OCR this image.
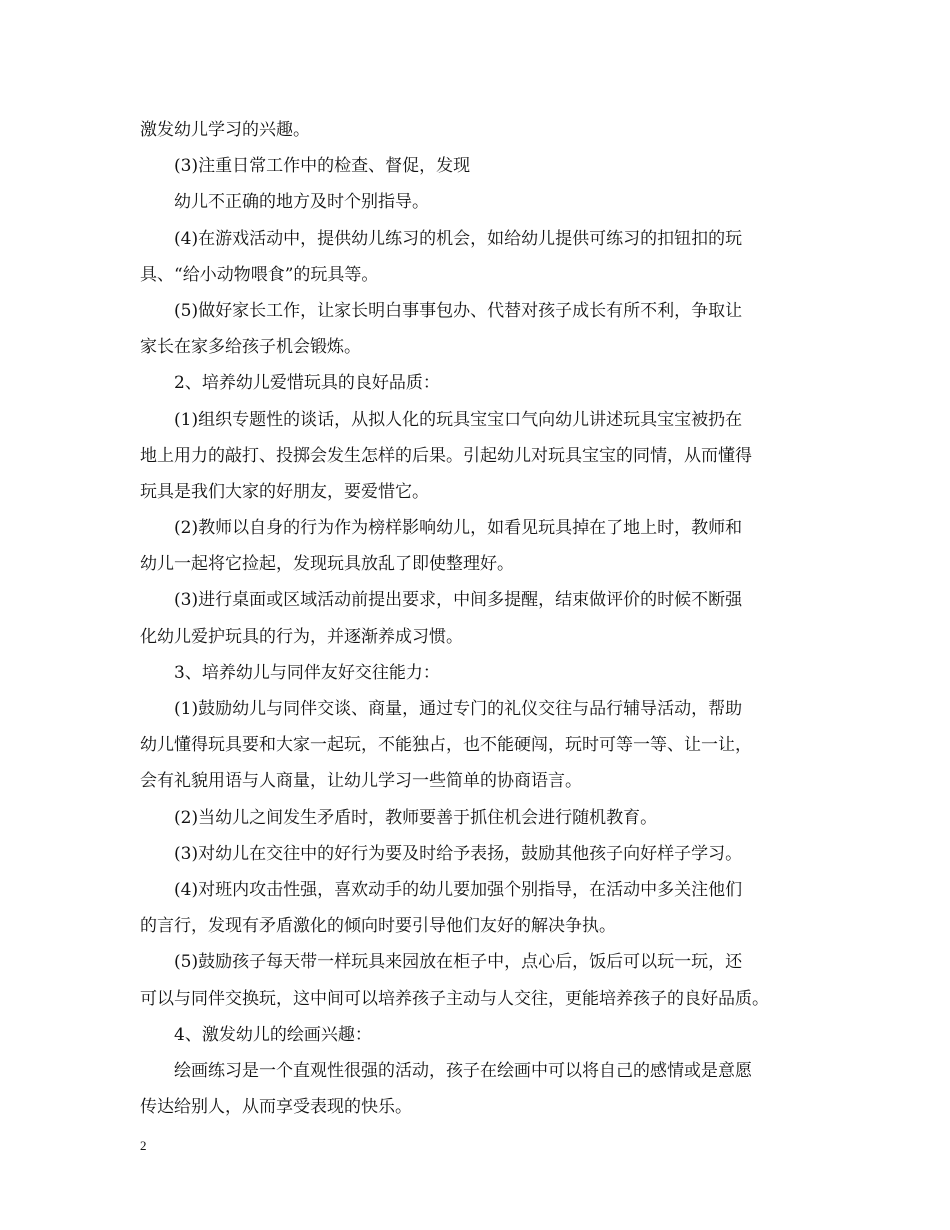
激发幼儿学习的兴趣。
(3)注重日常工作中的检查、督促，发现
幼儿不正确的地方及时个别指导。
(4)在游戏活动中，提供幼儿练习的机会，如给幼儿提供可练习的扣钮扣的玩
具、“给小动物喂食”的玩具等。
(5)做好家长工作，让家长明白事事包办、代替对孩子成长有所不利，争取让
家长在家多给孩子机会锻炼。
2、培养幼儿爱惜玩具的良好品质：
(1)组织专题性的谈话，从拟人化的玩具宝宝口气向幼儿讲述玩具宝宝被扔在
地上用力的敲打、投掷会发生怎样的后果。引起幼儿对玩具宝宝的同情，从而懂得
玩具是我们大家的好朋友，要爱惜它。
(2)教师以自身的行为作为榜样影响幼儿，如看见玩具掉在了地上时，教师和
幼儿一起将它捡起，发现玩具放乱了即使整理好。
(3)进行桌面或区域活动前提出要求，中间多提醒，结束做评价的时候不断强
化幼儿爱护玩具的行为，并逐渐养成习惯。
3、培养幼儿与同伴友好交往能力：
(1)鼓励幼儿与同伴交谈、商量，通过专门的礼仪交往与品行辅导活动，帮助
幼儿懂得玩具要和大家一起玩，不能独占，也不能硬闯，玩时可等一等、让一让，
会有礼貌用语与人商量，让幼儿学习一些简单的协商语言。
(2)当幼儿之间发生矛盾时，教师要善于抓住机会进行随机教育。
(3)对幼儿在交往中的好行为要及时给予表扬，鼓励其他孩子向好样子学习。
(4)对班内攻击性强，喜欢动手的幼儿要加强个别指导，在活动中多关注他们
的言行，发现有矛盾激化的倾向时要引导他们友好的解决争执。
(5)鼓励孩子每天带一样玩具来园放在柜子中，点心后，饭后可以玩一玩，还
可以与同伴交换玩，这中间可以培养孩子主动与人交往，更能培养孩子的良好品质。
4、激发幼儿的绘画兴趣：
绘画练习是一个直观性很强的活动，孩子在绘画中可以将自己的感情或是意愿
传达给别人，从而享受表现的快乐。
2
